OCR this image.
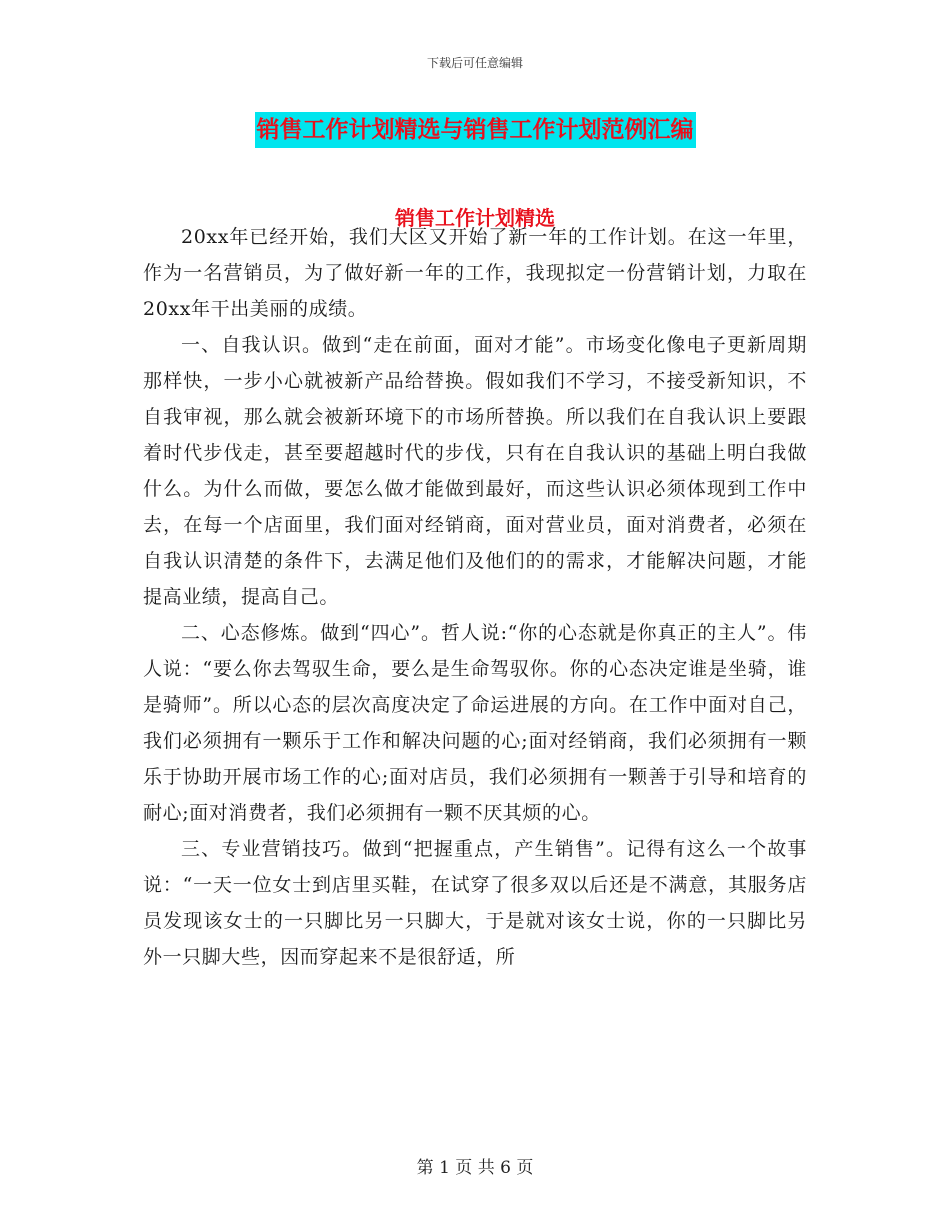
下载后可任意编辑
销售工作计划精选与销售工作计划范例汇编
销售工作计划精选

20xx年已经开始，我们大区又开始了新一年的工作计划。在这一年里，作为一名营销员，为了做好新一年的工作，我现拟定一份营销计划，力取在20xx年干出美丽的成绩。

一、自我认识。做到“走在前面，面对才能”。市场变化像电子更新周期那样快，一步小心就被新产品给替换。假如我们不学习，不接受新知识，不自我审视，那么就会被新环境下的市场所替换。所以我们在自我认识上要跟着时代步伐走，甚至要超越时代的步伐，只有在自我认识的基础上明白我做什么。为什么而做，要怎么做才能做到最好，而这些认识必须体现到工作中去，在每一个店面里，我们面对经销商，面对营业员，面对消费者，必须在自我认识清楚的条件下，去满足他们及他们的的需求，才能解决问题，才能提高业绩，提高自己。

二、心态修炼。做到“四心”。哲人说:“你的心态就是你真正的主人”。伟人说：“要么你去驾驭生命，要么是生命驾驭你。你的心态决定谁是坐骑，谁是骑师”。所以心态的层次高度决定了命运进展的方向。在工作中面对自己，我们必须拥有一颗乐于工作和解决问题的心;面对经销商，我们必须拥有一颗乐于协助开展市场工作的心;面对店员，我们必须拥有一颗善于引导和培育的耐心;面对消费者，我们必须拥有一颗不厌其烦的心。

三、专业营销技巧。做到“把握重点，产生销售”。记得有这么一个故事说：“一天一位女士到店里买鞋，在试穿了很多双以后还是不满意，其服务店员发现该女士的一只脚比另一只脚大，于是就对该女士说，你的一只脚比另外一只脚大些，因而穿起来不是很舒适，所

第 1 页 共 6 页
